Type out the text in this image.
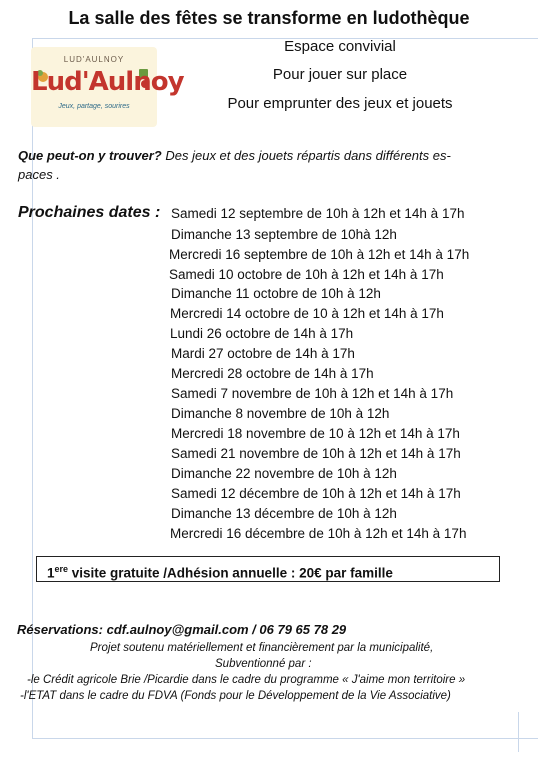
La salle des fêtes se transforme en ludothèque
LUD'AULNOY
Lud'Aulnoy
Jeux, partage, sourires
Espace convivial
Pour jouer sur place
Pour emprunter des jeux et jouets
Que peut-on y trouver? Des jeux et des jouets répartis dans différents es-
paces .
Prochaines dates : Samedi 12 septembre de 10h à 12h et 14h à 17h
Dimanche 13 septembre de 10hà 12h
Mercredi 16 septembre de 10h à 12h et 14h à 17h
Samedi 10 octobre de 10h à 12h et 14h à 17h
Dimanche 11 octobre de 10h à 12h
Mercredi 14 octobre de 10 à 12h et 14h à 17h
Lundi 26 octobre de 14h à 17h
Mardi 27 octobre de 14h à 17h
Mercredi 28 octobre de 14h à 17h
Samedi 7 novembre de 10h à 12h et 14h à 17h
Dimanche 8 novembre de 10h à 12h
Mercredi 18 novembre de 10 à 12h et 14h à 17h
Samedi 21 novembre de 10h à 12h et 14h à 17h
Dimanche 22 novembre de 10h à 12h
Samedi 12 décembre de 10h à 12h et 14h à 17h
Dimanche 13 décembre de 10h à 12h
Mercredi 16 décembre de 10h à 12h et 14h à 17h
1ere visite gratuite /Adhésion annuelle : 20€ par famille
Réservations: cdf.aulnoy@gmail.com / 06 79 65 78 29
Projet soutenu matériellement et financièrement par la municipalité,
Subventionné par :
-le Crédit agricole Brie /Picardie dans le cadre du programme « J'aime mon territoire »
-l'ETAT dans le cadre du FDVA (Fonds pour le Développement de la Vie Associative)
